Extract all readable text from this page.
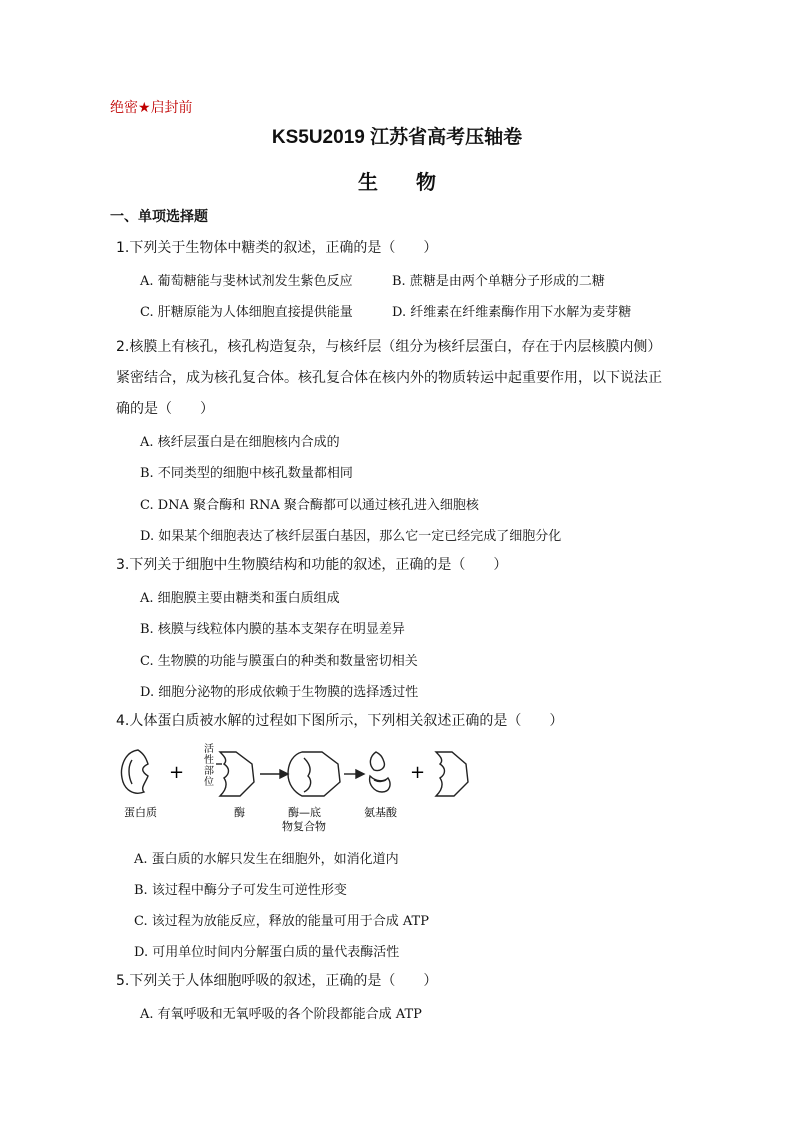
绝密★启封前
KS5U2019 江苏省高考压轴卷
生物
一、单项选择题
1.下列关于生物体中糖类的叙述，正确的是（　　）
A. 葡萄糖能与斐林试剂发生紫色反应	B. 蔗糖是由两个单糖分子形成的二糖
C. 肝糖原能为人体细胞直接提供能量	D. 纤维素在纤维素酶作用下水解为麦芽糖
2.核膜上有核孔，核孔构造复杂，与核纤层（组分为核纤层蛋白，存在于内层核膜内侧）
紧密结合，成为核孔复合体。核孔复合体在核内外的物质转运中起重要作用，以下说法正
确的是（　　）
A. 核纤层蛋白是在细胞核内合成的
B. 不同类型的细胞中核孔数量都相同
C. DNA 聚合酶和 RNA 聚合酶都可以通过核孔进入细胞核
D. 如果某个细胞表达了核纤层蛋白基因，那么它一定已经完成了细胞分化
3.下列关于细胞中生物膜结构和功能的叙述，正确的是（　　）
A. 细胞膜主要由糖类和蛋白质组成
B. 核膜与线粒体内膜的基本支架存在明显差异
C. 生物膜的功能与膜蛋白的种类和数量密切相关
D. 细胞分泌物的形成依赖于生物膜的选择透过性
4.人体蛋白质被水解的过程如下图所示，下列相关叙述正确的是（　　）
蛋白质
+
活
性
部
位
酶	酶—底
物复合物
氨基酸
+
A. 蛋白质的水解只发生在细胞外，如消化道内
B. 该过程中酶分子可发生可逆性形变
C. 该过程为放能反应，释放的能量可用于合成 ATP
D. 可用单位时间内分解蛋白质的量代表酶活性
5.下列关于人体细胞呼吸的叙述，正确的是（　　）
A. 有氧呼吸和无氧呼吸的各个阶段都能合成 ATP
